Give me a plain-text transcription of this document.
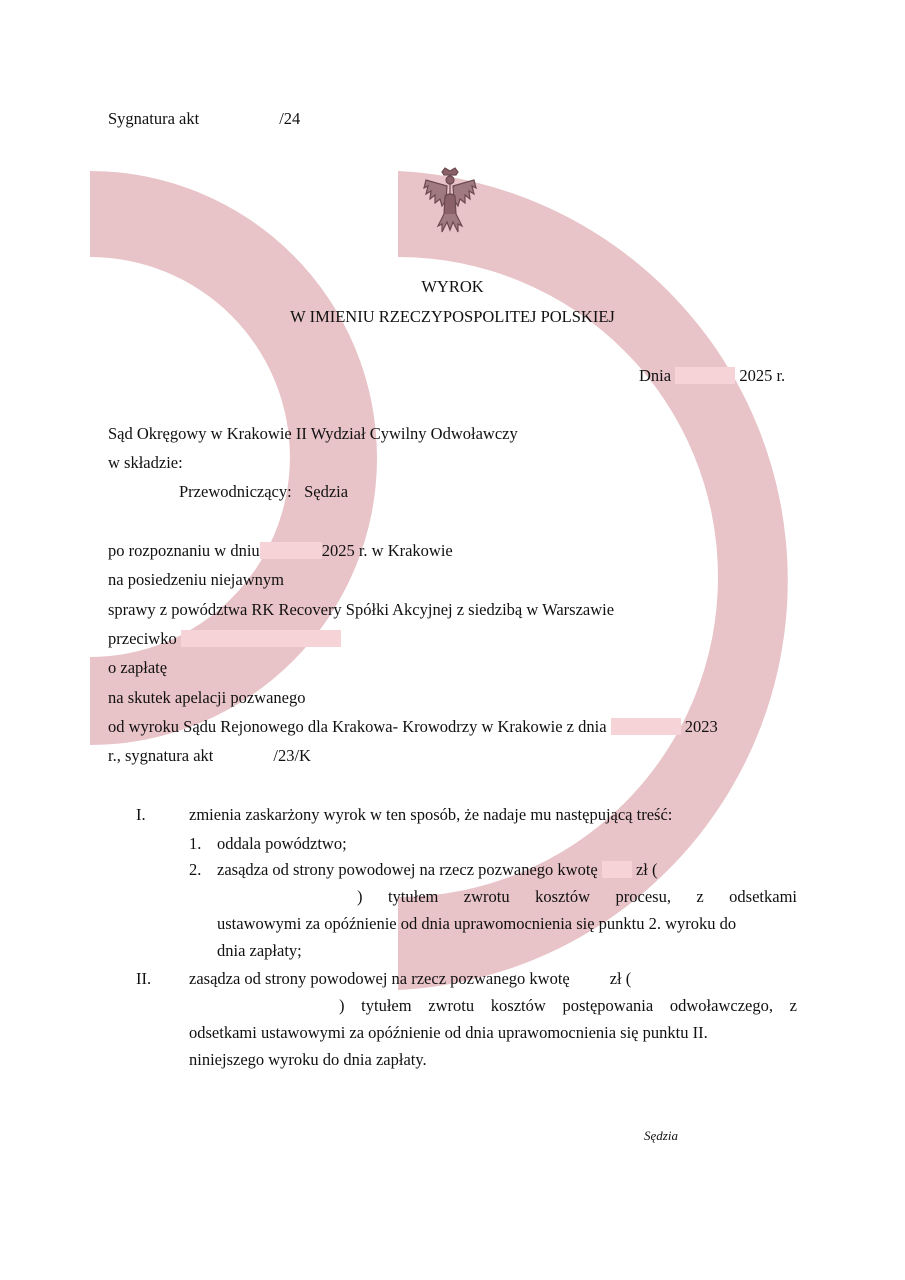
Sygnatura akt	/24
WYROK
W IMIENIU RZECZYPOSPOLITEJ POLSKIEJ
Dnia	2025 r.
Sąd Okręgowy w Krakowie II Wydział Cywilny Odwoławczy
w składzie:
Przewodniczący: Sędzia
po rozpoznaniu w dniu	2025 r. w Krakowie
na posiedzeniu niejawnym
sprawy z powództwa RK Recovery Spółki Akcyjnej z siedzibą w Warszawie
przeciwko
o zapłatę
na skutek apelacji pozwanego
od wyroku Sądu Rejonowego dla Krakowa- Krowodrzy w Krakowie z dnia	2023
r., sygnatura akt	/23/K
I.	zmienia zaskarżony wyrok w ten sposób, że nadaje mu następującą treść:
1. oddala powództwo;
2. zasądza od strony powodowej na rzecz pozwanego kwotę zł (
) tytułem zwrotu kosztów procesu, z odsetkami
ustawowymi za opóźnienie od dnia uprawomocnienia się punktu 2. wyroku do
dnia zapłaty;
II. zasądza od strony powodowej na rzecz pozwanego kwotę zł (
) tytułem zwrotu kosztów postępowania odwoławczego, z
odsetkami ustawowymi za opóźnienie od dnia uprawomocnienia się punktu II.
niniejszego wyroku do dnia zapłaty.
Sędzia
